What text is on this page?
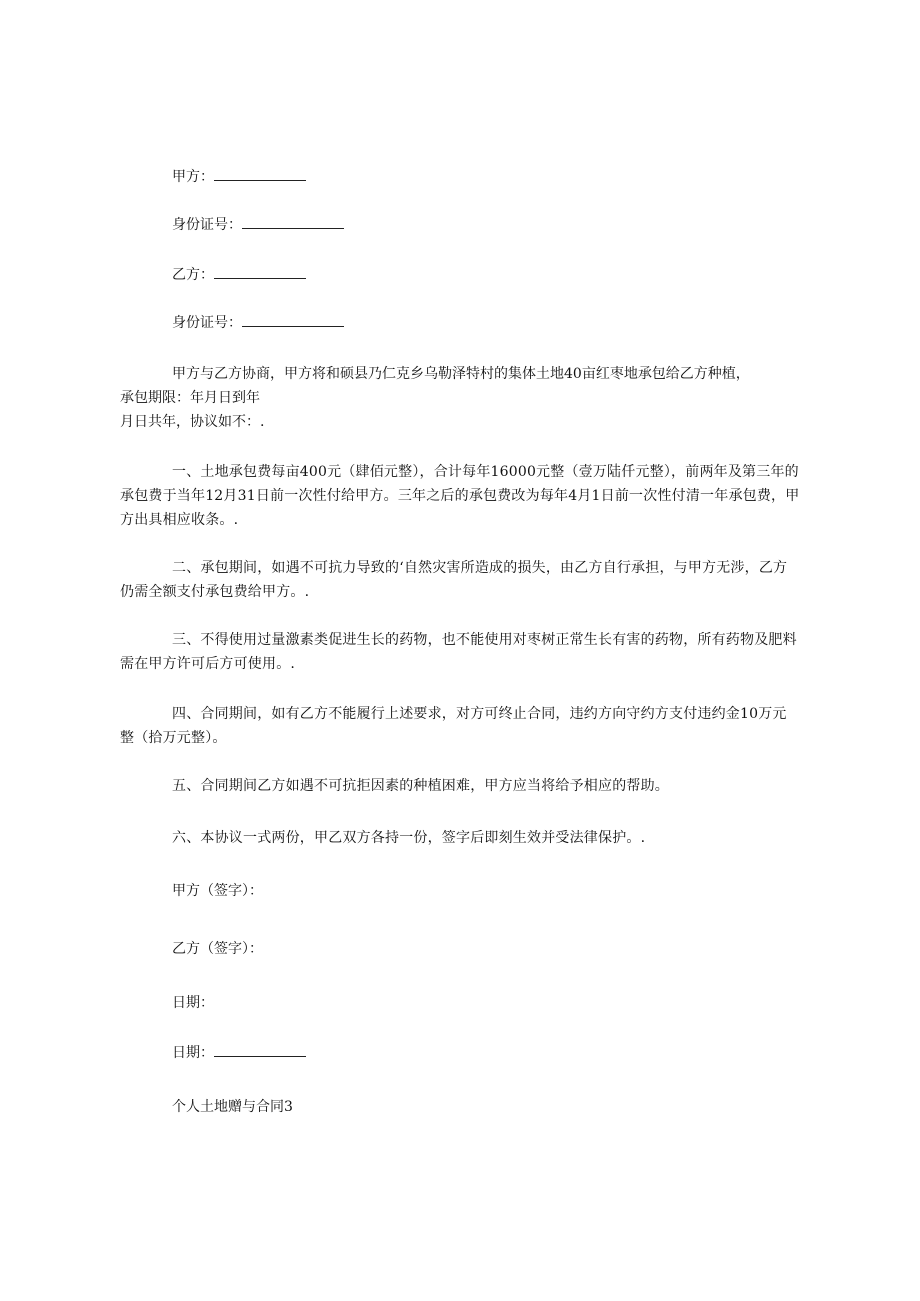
甲方：
身份证号：
乙方：
身份证号：
甲方与乙方协商，甲方将和硕县乃仁克乡乌勒泽特村的集体土地40亩红枣地承包给乙方种植，
承包期限：年月日到年
月日共年，协议如不：.

一、土地承包费每亩400元（肆佰元整），合计每年16000元整（壹万陆仟元整），前两年及第三年的承包费于当年12月31日前一次性付给甲方。三年之后的承包费改为每年4月1日前一次性付清一年承包费，甲方出具相应收条。.

二、承包期间，如遇不可抗力导致的‘自然灾害所造成的损失，由乙方自行承担，与甲方无涉，乙方仍需全额支付承包费给甲方。.

三、不得使用过量激素类促进生长的药物，也不能使用对枣树正常生长有害的药物，所有药物及肥料需在甲方许可后方可使用。.

四、合同期间，如有乙方不能履行上述要求，对方可终止合同，违约方向守约方支付违约金10万元整（拾万元整）。

五、合同期间乙方如遇不可抗拒因素的种植困难，甲方应当将给予相应的帮助。

六、本协议一式两份，甲乙双方各持一份，签字后即刻生效并受法律保护。.

甲方（签字）：
乙方（签字）：
日期：
日期：
个人土地赠与合同3
